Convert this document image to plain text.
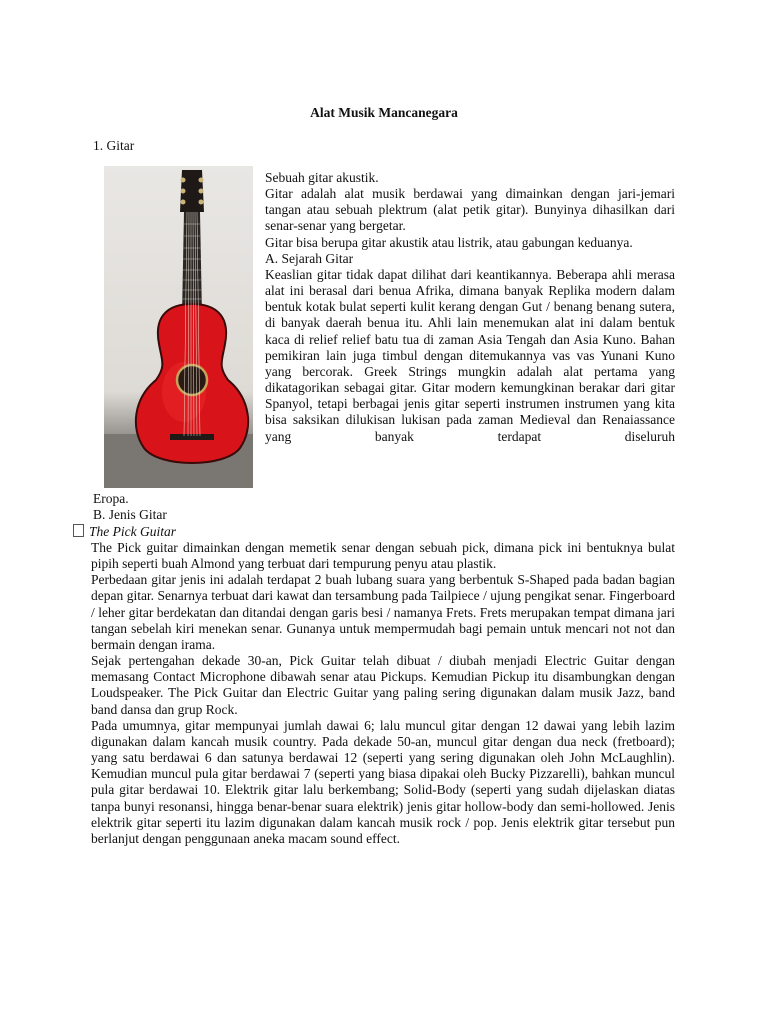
Alat Musik Mancanegara
1. Gitar

Sebuah gitar akustik.

Gitar adalah alat musik berdawai yang dimainkan dengan jari-jemari tangan atau sebuah plektrum (alat petik gitar). Bunyinya dihasilkan dari senar-senar yang bergetar.

Gitar bisa berupa gitar akustik atau listrik, atau gabungan keduanya.

A. Sejarah Gitar

Keaslian gitar tidak dapat dilihat dari keantikannya. Beberapa ahli merasa alat ini berasal dari benua Afrika, dimana banyak Replika modern dalam bentuk kotak bulat seperti kulit kerang dengan Gut / benang benang sutera, di banyak daerah benua itu. Ahli lain menemukan alat ini dalam bentuk kaca di relief relief batu tua di zaman Asia Tengah dan Asia Kuno. Bahan pemikiran lain juga timbul dengan ditemukannya vas vas Yunani Kuno yang bercorak. Greek Strings mungkin adalah alat pertama yang dikatagorikan sebagai gitar. Gitar modern kemungkinan berakar dari gitar Spanyol, tetapi berbagai jenis gitar seperti instrumen instrumen yang kita bisa saksikan dilukisan lukisan pada zaman Medieval dan Renaiassance yang banyak terdapat diseluruh

Eropa.

B. Jenis Gitar

The Pick Guitar

The Pick guitar dimainkan dengan memetik senar dengan sebuah pick, dimana pick ini bentuknya bulat pipih seperti buah Almond yang terbuat dari tempurung penyu atau plastik.

Perbedaan gitar jenis ini adalah terdapat 2 buah lubang suara yang berbentuk S-Shaped pada badan bagian depan gitar. Senarnya terbuat dari kawat dan tersambung pada Tailpiece / ujung pengikat senar. Fingerboard / leher gitar berdekatan dan ditandai dengan garis besi / namanya Frets. Frets merupakan tempat dimana jari tangan sebelah kiri menekan senar. Gunanya untuk mempermudah bagi pemain untuk mencari not not dan bermain dengan irama.

Sejak pertengahan dekade 30-an, Pick Guitar telah dibuat / diubah menjadi Electric Guitar dengan memasang Contact Microphone dibawah senar atau Pickups. Kemudian Pickup itu disambungkan dengan Loudspeaker. The Pick Guitar dan Electric Guitar yang paling sering digunakan dalam musik Jazz, band band dansa dan grup Rock.

Pada umumnya, gitar mempunyai jumlah dawai 6; lalu muncul gitar dengan 12 dawai yang lebih lazim digunakan dalam kancah musik country. Pada dekade 50-an, muncul gitar dengan dua neck (fretboard); yang satu berdawai 6 dan satunya berdawai 12 (seperti yang sering digunakan oleh John McLaughlin). Kemudian muncul pula gitar berdawai 7 (seperti yang biasa dipakai oleh Bucky Pizzarelli), bahkan muncul pula gitar berdawai 10. Elektrik gitar lalu berkembang; Solid-Body (seperti yang sudah dijelaskan diatas tanpa bunyi resonansi, hingga benar-benar suara elektrik) jenis gitar hollow-body dan semi-hollowed. Jenis elektrik gitar seperti itu lazim digunakan dalam kancah musik rock / pop. Jenis elektrik gitar tersebut pun berlanjut dengan penggunaan aneka macam sound effect.
